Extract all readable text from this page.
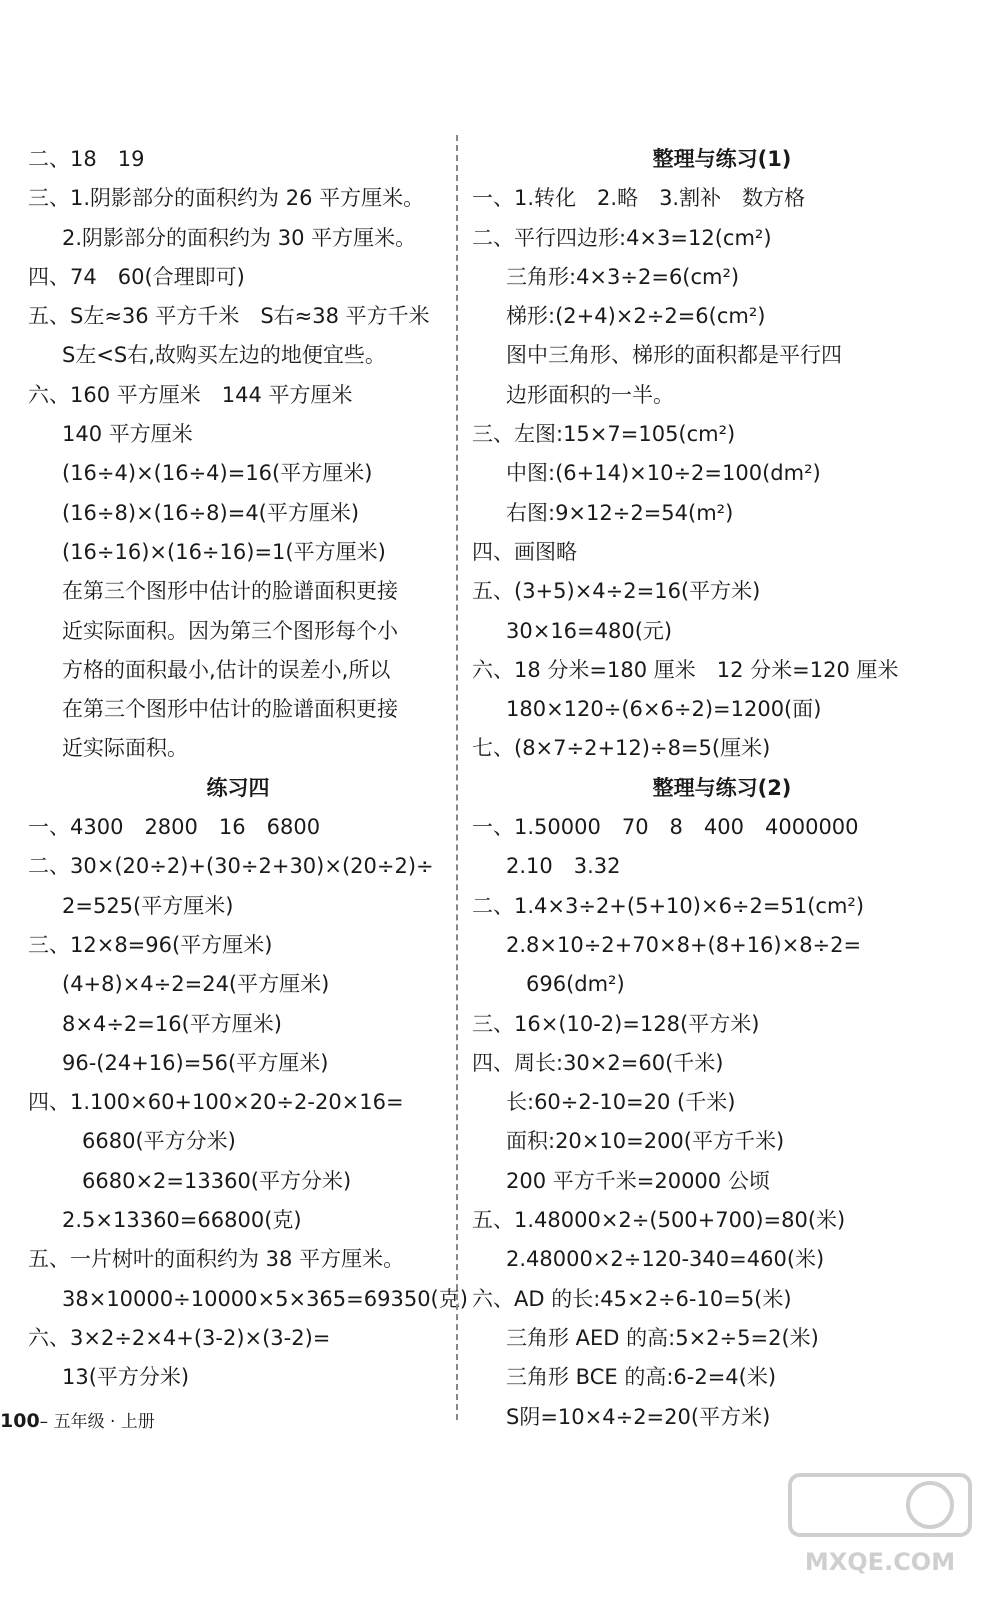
二、18　19
三、1.阴影部分的面积约为 26 平方厘米。
2.阴影部分的面积约为 30 平方厘米。
四、74　60(合理即可)
五、S左≈36 平方千米　S右≈38 平方千米
S左<S右,故购买左边的地便宜些。
六、160 平方厘米　144 平方厘米
140 平方厘米
(16÷4)×(16÷4)=16(平方厘米)
(16÷8)×(16÷8)=4(平方厘米)
(16÷16)×(16÷16)=1(平方厘米)
在第三个图形中估计的脸谱面积更接
近实际面积。因为第三个图形每个小
方格的面积最小,估计的误差小,所以
在第三个图形中估计的脸谱面积更接
近实际面积。
练习四
一、4300　2800　16　6800
二、30×(20÷2)+(30÷2+30)×(20÷2)÷
2=525(平方厘米)
三、12×8=96(平方厘米)
(4+8)×4÷2=24(平方厘米)
8×4÷2=16(平方厘米)
96-(24+16)=56(平方厘米)
四、1.100×60+100×20÷2-20×16=
6680(平方分米)
6680×2=13360(平方分米)
2.5×13360=66800(克)
五、一片树叶的面积约为 38 平方厘米。
38×10000÷10000×5×365=69350(克)
六、3×2÷2×4+(3-2)×(3-2)=
13(平方分米)
整理与练习(1)
一、1.转化　2.略　3.割补　数方格
二、平行四边形:4×3=12(cm²)
三角形:4×3÷2=6(cm²)
梯形:(2+4)×2÷2=6(cm²)
图中三角形、梯形的面积都是平行四
边形面积的一半。
三、左图:15×7=105(cm²)
中图:(6+14)×10÷2=100(dm²)
右图:9×12÷2=54(m²)
四、画图略
五、(3+5)×4÷2=16(平方米)
30×16=480(元)
六、18 分米=180 厘米　12 分米=120 厘米
180×120÷(6×6÷2)=1200(面)
七、(8×7÷2+12)÷8=5(厘米)
整理与练习(2)
一、1.50000　70　8　400　4000000
2.10　3.32
二、1.4×3÷2+(5+10)×6÷2=51(cm²)
2.8×10÷2+70×8+(8+16)×8÷2=
696(dm²)
三、16×(10-2)=128(平方米)
四、周长:30×2=60(千米)
长:60÷2-10=20 (千米)
面积:20×10=200(平方千米)
200 平方千米=20000 公顷
五、1.48000×2÷(500+700)=80(米)
2.48000×2÷120-340=460(米)
六、AD 的长:45×2÷6-10=5(米)
三角形 AED 的高:5×2÷5=2(米)
三角形 BCE 的高:6-2=4(米)
S阴=10×4÷2=20(平方米)
100– 五年级 · 上册
MXQE.COM
